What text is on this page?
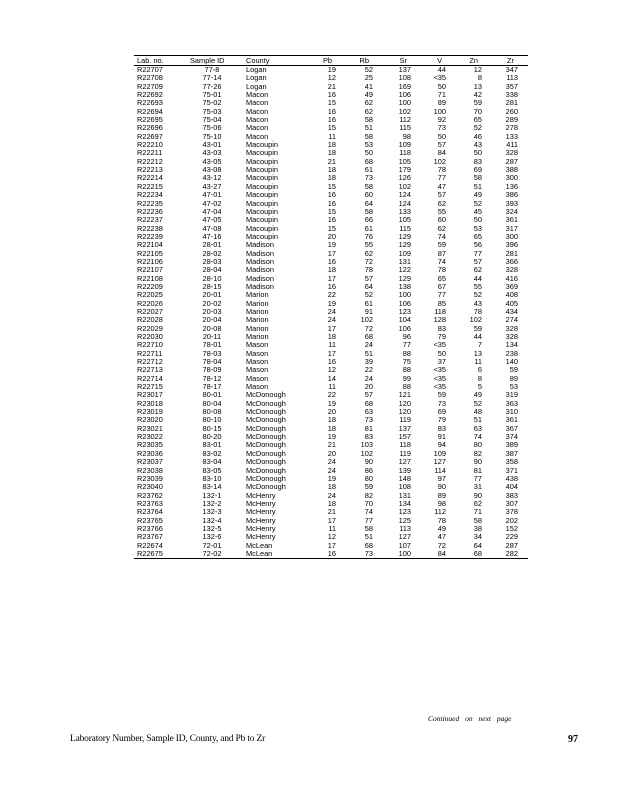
Lab. no.	Sample ID	County	Pb	Rb	Sr	V	Zn	Zr
R22707	77-8	Logan	19	52	137	44	12	347
R22708	77-14	Logan	12	25	108	<35	8	113
R22709	77-26	Logan	21	41	169	50	13	357
R22692	75-01	Macon	16	49	106	71	42	338
R22693	75-02	Macon	15	62	100	89	59	281
R22694	75-03	Macon	16	62	102	100	70	260
R22695	75-04	Macon	16	58	112	92	65	289
R22696	75-06	Macon	15	51	115	73	52	278
R22697	75-10	Macon	11	58	98	50	46	133
R22210	43-01	Macoupin	18	53	109	57	43	411
R22211	43-03	Macoupin	18	50	118	84	50	328
R22212	43-05	Macoupin	21	68	105	102	83	287
R22213	43-08	Macoupin	18	61	179	78	69	388
R22214	43-12	Macoupin	18	73	126	77	58	300
R22215	43-27	Macoupin	15	58	102	47	51	136
R22234	47-01	Macoupin	16	60	124	57	49	386
R22235	47-02	Macoupin	16	64	124	62	52	393
R22236	47-04	Macoupin	15	58	133	55	45	324
R22237	47-05	Macoupin	16	66	105	60	50	361
R22238	47-08	Macoupin	15	61	115	62	53	317
R22239	47-16	Macoupin	20	76	129	74	65	300
R22104	28-01	Madison	19	55	129	59	56	396
R22105	28-02	Madison	17	62	109	87	77	281
R22106	28-03	Madison	16	72	131	74	57	366
R22107	28-04	Madison	18	78	122	78	62	328
R22108	28-10	Madison	17	57	129	65	44	416
R22209	28-15	Madison	16	64	138	67	55	369
R22025	20-01	Marion	22	52	100	77	52	408
R22026	20-02	Marion	19	61	106	85	43	405
R22027	20-03	Marion	24	91	123	118	78	434
R22028	20-04	Marion	24	102	104	128	102	274
R22029	20-08	Marion	17	72	106	83	59	328
R22030	20-11	Marion	18	68	96	79	44	328
R22710	78-01	Mason	11	24	77	<35	7	134
R22711	78-03	Mason	17	51	88	50	13	238
R22712	78-04	Mason	16	39	75	37	11	140
R22713	78-09	Mason	12	22	88	<35	6	59
R22714	78-12	Mason	14	24	99	<35	8	89
R22715	78-17	Mason	11	20	88	<35	5	53
R23017	80-01	McDonough	22	57	121	59	49	319
R23018	80-04	McDonough	19	68	120	73	52	363
R23019	80-08	McDonough	20	63	120	69	48	310
R23020	80-10	McDonough	18	73	119	79	51	361
R23021	80-15	McDonough	18	81	137	83	63	367
R23022	80-20	McDonough	19	83	157	91	74	374
R23035	83-01	McDonough	21	103	118	94	80	389
R23036	83-02	McDonough	20	102	119	109	82	387
R23037	83-04	McDonough	24	90	127	127	90	358
R23038	83-05	McDonough	24	86	139	114	81	371
R23039	83-10	McDonough	19	80	148	97	77	438
R23040	83-14	McDonough	18	59	108	90	31	404
R23762	132-1	McHenry	24	82	131	89	90	383
R23763	132-2	McHenry	18	70	134	98	62	307
R23764	132-3	McHenry	21	74	123	112	71	378
R23765	132-4	McHenry	17	77	125	78	58	202
R23766	132-5	McHenry	11	58	113	49	38	152
R23767	132-6	McHenry	12	51	127	47	34	229
R22674	72-01	McLean	17	68	107	72	64	287
R22675	72-02	McLean	16	73	100	84	68	282
Continued on next page
Laboratory Number, Sample ID, County, and Pb to Zr	97
